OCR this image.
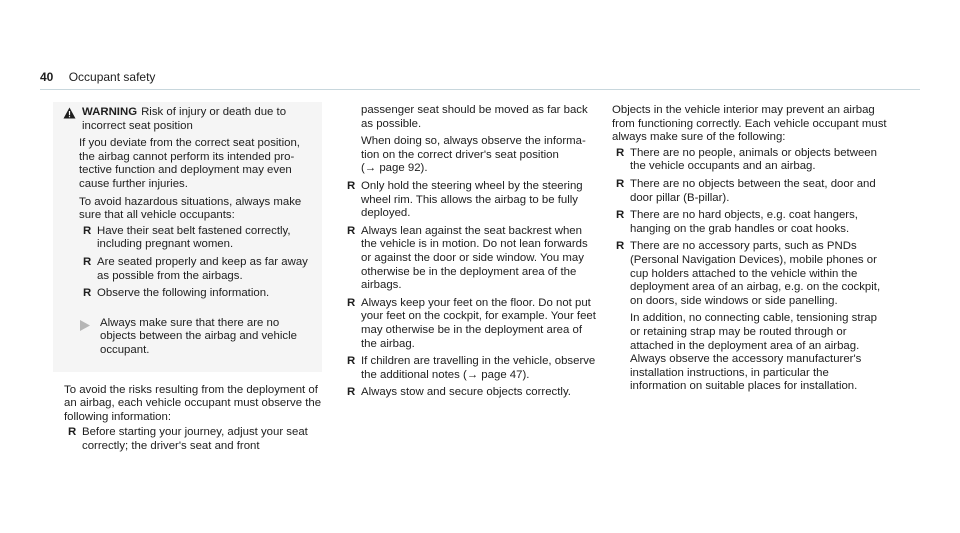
40 Occupant safety
WARNING Risk of injury or death due to
incorrect seat position

If you deviate from the correct seat position, the airbag cannot perform its intended protective function and deployment may even cause further injuries.

To avoid hazardous situations, always make sure that all vehicle occupants:

R Have their seat belt fastened correctly, including pregnant women.
R Are seated properly and keep as far away as possible from the airbags.
R Observe the following information.
Always make sure that there are no objects between the airbag and vehicle occupant.

To avoid the risks resulting from the deployment of an airbag, each vehicle occupant must observe the following information:

R Before starting your journey, adjust your seat correctly; the driver's seat and front

passenger seat should be moved as far back as possible.

When doing so, always observe the information on the correct driver's seat position
(→ page 92).

R Only hold the steering wheel by the steering wheel rim. This allows the airbag to be fully deployed.
R Always lean against the seat backrest when the vehicle is in motion. Do not lean forwards or against the door or side window. You may otherwise be in the deployment area of the airbags.
R Always keep your feet on the floor. Do not put your feet on the cockpit, for example. Your feet may otherwise be in the deployment area of the airbag.
R If children are travelling in the vehicle, observe the additional notes (→ page 47).
R Always stow and secure objects correctly.

Objects in the vehicle interior may prevent an airbag from functioning correctly. Each vehicle occupant must always make sure of the following:

R There are no people, animals or objects between the vehicle occupants and an airbag.
R There are no objects between the seat, door and door pillar (B-pillar).
R There are no hard objects, e.g. coat hangers, hanging on the grab handles or coat hooks.
R There are no accessory parts, such as PNDs (Personal Navigation Devices), mobile phones or cup holders attached to the vehicle within the deployment area of an airbag, e.g. on the cockpit, on doors, side windows or side panelling.

In addition, no connecting cable, tensioning strap or retaining strap may be routed through or attached in the deployment area of an airbag. Always observe the accessory manufacturer's installation instructions, in particular the information on suitable places for installation.
